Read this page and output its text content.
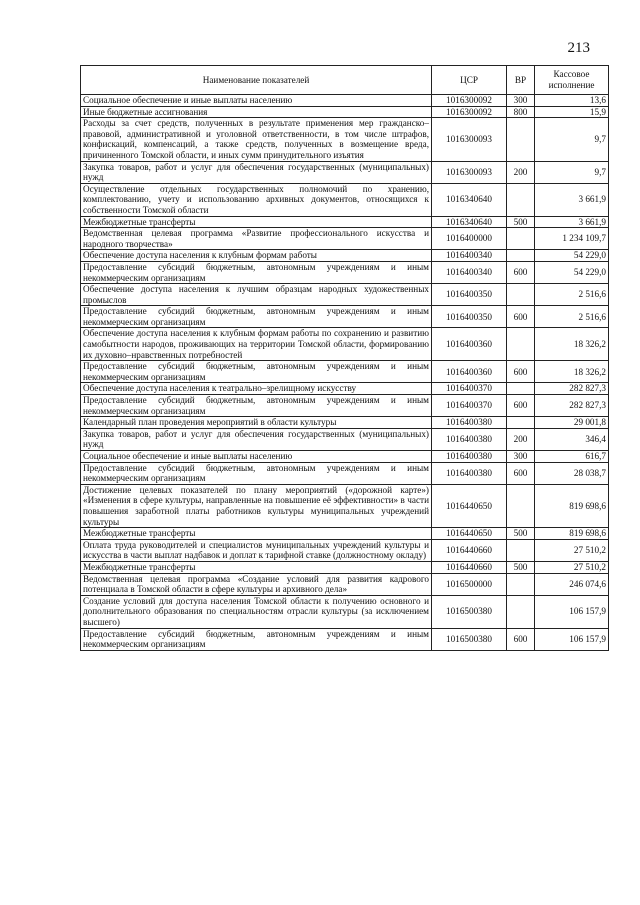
213
Наименование показателей	ЦСР	ВР	Кассовое исполнение
Социальное обеспечение и иные выплаты населению	1016300092	300	13,6
Иные бюджетные ассигнования	1016300092	800	15,9
Расходы за счет средств, полученных в результате применения мер гражданско–правовой, административной и уголовной ответственности, в том числе штрафов, конфискаций, компенсаций, а также средств, полученных в возмещение вреда, причиненного Томской области, и иных сумм принудительного изъятия	1016300093		9,7
Закупка товаров, работ и услуг для обеспечения государственных (муниципальных) нужд	1016300093	200	9,7
Осуществление отдельных государственных полномочий по хранению, комплектованию, учету и использованию архивных документов, относящихся к собственности Томской области	1016340640		3 661,9
Межбюджетные трансферты	1016340640	500	3 661,9
Ведомственная целевая программа «Развитие профессионального искусства и народного творчества»	1016400000		1 234 109,7
Обеспечение доступа населения к клубным формам работы	1016400340		54 229,0
Предоставление субсидий бюджетным, автономным учреждениям и иным некоммерческим организациям	1016400340	600	54 229,0
Обеспечение доступа населения к лучшим образцам народных художественных промыслов	1016400350		2 516,6
Предоставление субсидий бюджетным, автономным учреждениям и иным некоммерческим организациям	1016400350	600	2 516,6
Обеспечение доступа населения к клубным формам работы по сохранению и развитию самобытности народов, проживающих на территории Томской области, формированию их духовно–нравственных потребностей	1016400360		18 326,2
Предоставление субсидий бюджетным, автономным учреждениям и иным некоммерческим организациям	1016400360	600	18 326,2
Обеспечение доступа населения к театрально–зрелищному искусству	1016400370		282 827,3
Предоставление субсидий бюджетным, автономным учреждениям и иным некоммерческим организациям	1016400370	600	282 827,3
Календарный план проведения мероприятий в области культуры	1016400380		29 001,8
Закупка товаров, работ и услуг для обеспечения государственных (муниципальных) нужд	1016400380	200	346,4
Социальное обеспечение и иные выплаты населению	1016400380	300	616,7
Предоставление субсидий бюджетным, автономным учреждениям и иным некоммерческим организациям	1016400380	600	28 038,7
Достижение целевых показателей по плану мероприятий («дорожной карте») «Изменения в сфере культуры, направленные на повышение её эффективности» в части повышения заработной платы работников культуры муниципальных учреждений культуры	1016440650		819 698,6
Межбюджетные трансферты	1016440650	500	819 698,6
Оплата труда руководителей и специалистов муниципальных учреждений культуры и искусства в части выплат надбавок и доплат к тарифной ставке (должностному окладу)	1016440660		27 510,2
Межбюджетные трансферты	1016440660	500	27 510,2
Ведомственная целевая программа «Создание условий для развития кадрового потенциала в Томской области в сфере культуры и архивного дела»	1016500000		246 074,6
Создание условий для доступа населения Томской области к получению основного и дополнительного образования по специальностям отрасли культуры (за исключением высшего)	1016500380		106 157,9
Предоставление субсидий бюджетным, автономным учреждениям и иным некоммерческим организациям	1016500380	600	106 157,9
